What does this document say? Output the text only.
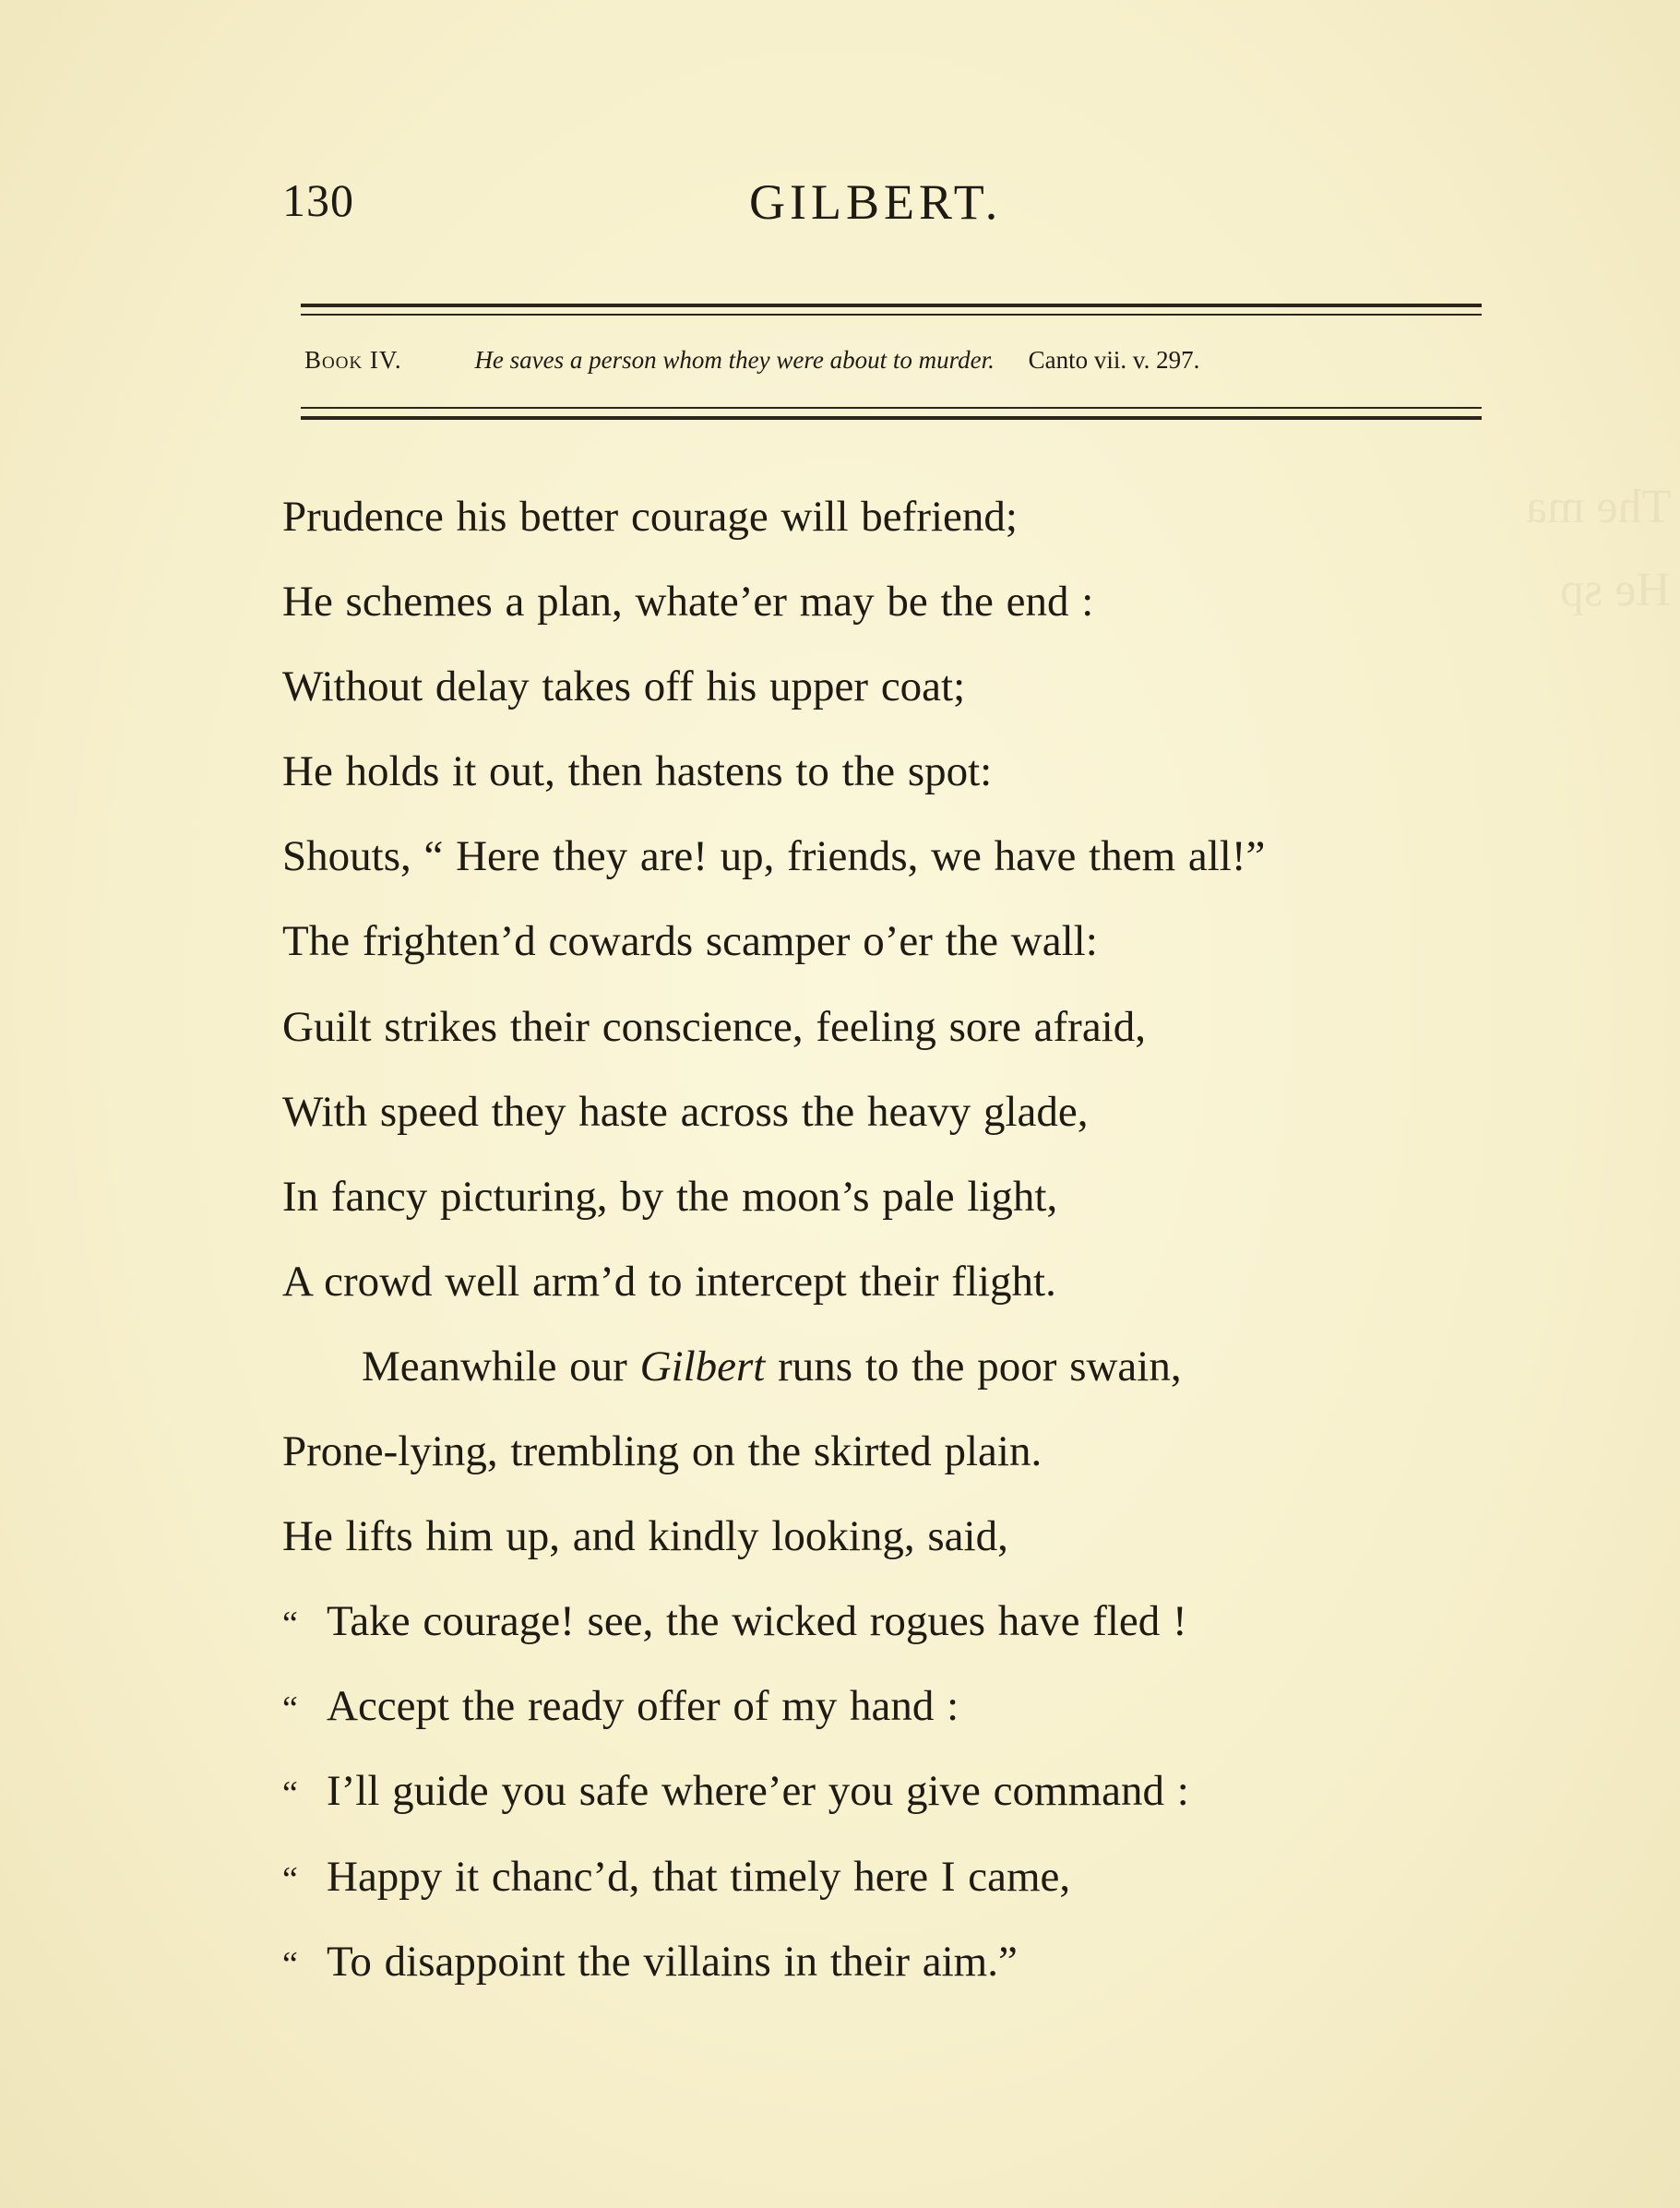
The ma
He sp
130	GILBERT.
Book IV.	He saves a person whom they were about to murder. Canto vii. v. 297.
Prudence his better courage will befriend;
He schemes a plan, whate’er may be the end :
Without delay takes off his upper coat;
He holds it out, then hastens to the spot:
Shouts, “ Here they are! up, friends, we have them all!”
The frighten’d cowards scamper o’er the wall:
Guilt strikes their conscience, feeling sore afraid,
With speed they haste across the heavy glade,
In fancy picturing, by the moon’s pale light,
A crowd well arm’d to intercept their flight.
Meanwhile our Gilbert runs to the poor swain,
Prone-lying, trembling on the skirted plain.
He lifts him up, and kindly looking, said,
“ Take courage! see, the wicked rogues have fled !
“ Accept the ready offer of my hand :
“ I’ll guide you safe where’er you give command :
“ Happy it chanc’d, that timely here I came,
“ To disappoint the villains in their aim.”
